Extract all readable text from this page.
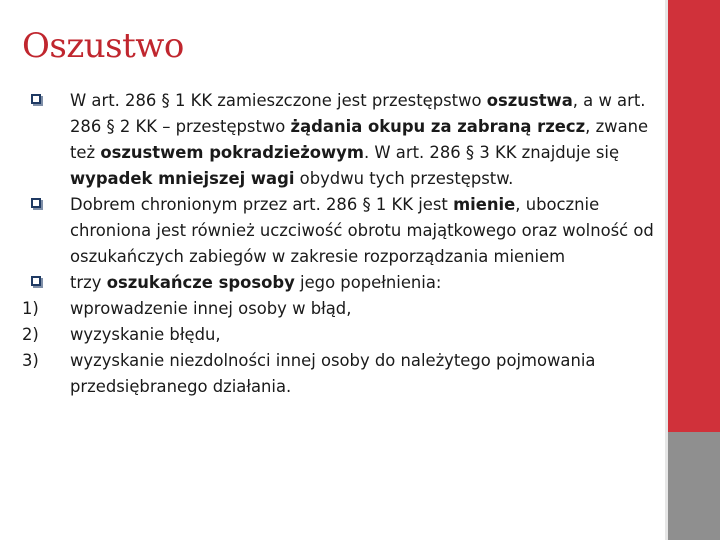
Oszustwo

W art. 286 § 1 KK zamieszczone jest przestępstwo oszustwa, a w art. 286 § 2 KK – przestępstwo żądania okupu za zabraną rzecz, zwane też oszustwem pokradzieżowym. W art. 286 § 3 KK znajduje się wypadek mniejszej wagi obydwu tych przestępstw.

Dobrem chronionym przez art. 286 § 1 KK jest mienie, ubocznie chroniona jest również uczciwość obrotu majątkowego oraz wolność od oszukańczych zabiegów w zakresie rozporządzania mieniem

trzy oszukańcze sposoby jego popełnienia:

1) wprowadzenie innej osoby w błąd,

2) wyzyskanie błędu,

3) wyzyskanie niezdolności innej osoby do należytego pojmowania przedsiębranego działania.
